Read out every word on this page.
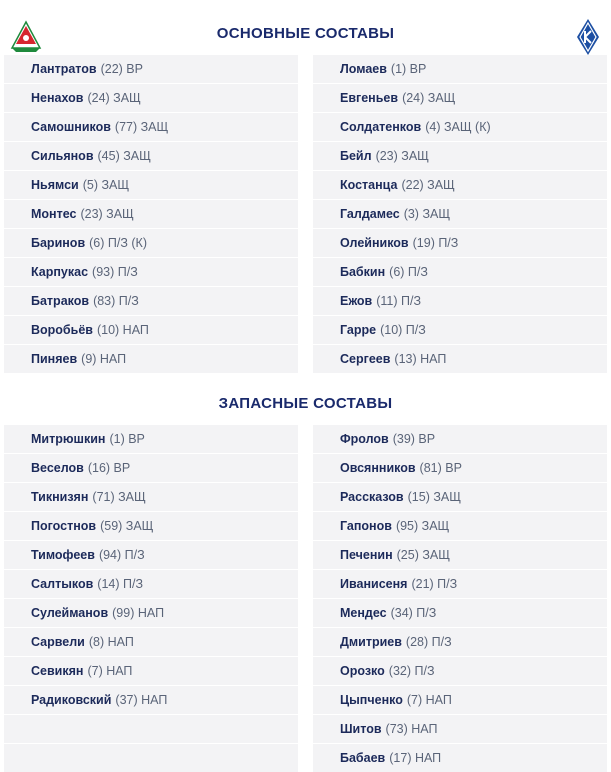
ОСНОВНЫЕ СОСТАВЫ
Лантратов (22) ВР
Ненахов (24) ЗАЩ
Самошников (77) ЗАЩ
Сильянов (45) ЗАЩ
Ньямси (5) ЗАЩ
Монтес (23) ЗАЩ
Баринов (6) П/З (К)
Карпукас (93) П/З
Батраков (83) П/З
Воробьёв (10) НАП
Пиняев (9) НАП
Ломаев (1) ВР
Евгеньев (24) ЗАЩ
Солдатенков (4) ЗАЩ (К)
Бейл (23) ЗАЩ
Костанца (22) ЗАЩ
Галдамес (3) ЗАЩ
Олейников (19) П/З
Бабкин (6) П/З
Ежов (11) П/З
Гарре (10) П/З
Сергеев (13) НАП
ЗАПАСНЫЕ СОСТАВЫ
Митрюшкин (1) ВР
Веселов (16) ВР
Тикнизян (71) ЗАЩ
Погостнов (59) ЗАЩ
Тимофеев (94) П/З
Салтыков (14) П/З
Сулейманов (99) НАП
Сарвели (8) НАП
Севикян (7) НАП
Радиковский (37) НАП
Фролов (39) ВР
Овсянников (81) ВР
Рассказов (15) ЗАЩ
Гапонов (95) ЗАЩ
Печенин (25) ЗАЩ
Иванисеня (21) П/З
Мендес (34) П/З
Дмитриев (28) П/З
Орозко (32) П/З
Цыпченко (7) НАП
Шитов (73) НАП
Бабаев (17) НАП
